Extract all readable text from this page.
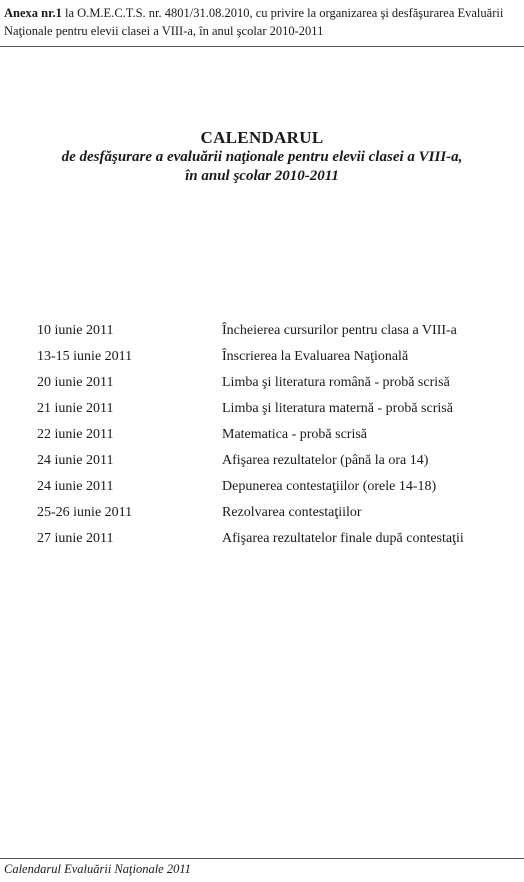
Anexa nr.1 la O.M.E.C.T.S. nr. 4801/31.08.2010, cu privire la organizarea şi desfăşurarea Evaluării Naţionale pentru elevii clasei a VIII-a, în anul şcolar 2010-2011

CALENDARUL
de desfăşurare a evaluării naţionale pentru elevii clasei a VIII-a,
în anul şcolar 2010-2011
10 iunie 2011	Încheierea cursurilor pentru clasa a VIII-a
13-15 iunie 2011	Înscrierea la Evaluarea Naţională
20 iunie 2011	Limba şi literatura română - probă scrisă
21 iunie 2011	Limba şi literatura maternă - probă scrisă
22 iunie 2011	Matematica - probă scrisă
24 iunie 2011	Afişarea rezultatelor (până la ora 14)
24 iunie 2011	Depunerea contestaţiilor (orele 14-18)
25-26 iunie 2011	Rezolvarea contestaţiilor
27 iunie 2011	Afişarea rezultatelor finale după contestaţii

Calendarul Evaluării Naţionale 2011
